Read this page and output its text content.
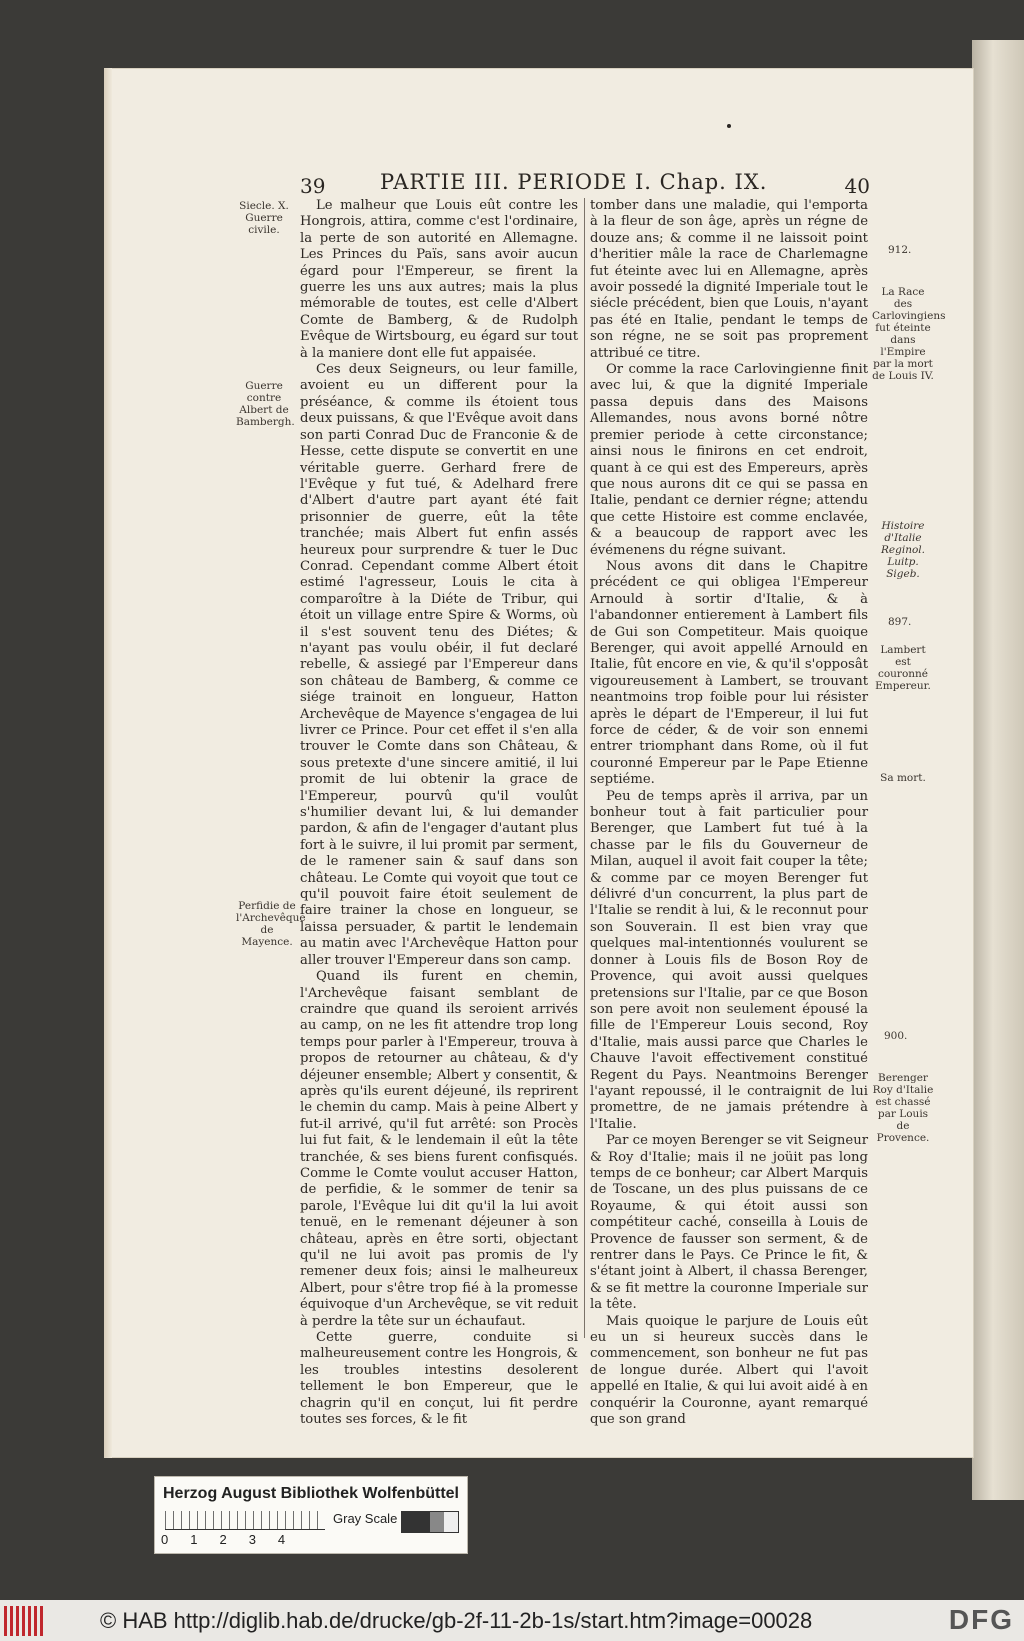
39	PARTIE III. PERIODE I. Chap. IX.	40
Siecle. X. Guerre civile.
Guerre contre Albert de Bambergh.
Perfidie de l'Archevêque de Mayence.
912.
La Race des Carlovingiens fut éteinte dans l'Empire par la mort de Louis IV.
Histoire d'Italie Reginol. Luitp. Sigeb.
897.
Lambert est couronné Empereur.
Sa mort.
900.
Berenger Roy d'Italie est chassé par Louis de Provence.

Le malheur que Louis eût contre les Hongrois, attira, comme c'est l'ordinaire, la perte de son autorité en Allemagne. Les Princes du Païs, sans avoir aucun égard pour l'Empereur, se firent la guerre les uns aux autres; mais la plus mémorable de toutes, est celle d'Albert Comte de Bamberg, & de Rudolph Evêque de Wirtsbourg, eu égard sur tout à la maniere dont elle fut appaisée.

Ces deux Seigneurs, ou leur famille, avoient eu un different pour la préséance, & comme ils étoient tous deux puissans, & que l'Evêque avoit dans son parti Conrad Duc de Franconie & de Hesse, cette dispute se convertit en une véritable guerre. Gerhard frere de l'Evêque y fut tué, & Adelhard frere d'Albert d'autre part ayant été fait prisonnier de guerre, eût la tête tranchée; mais Albert fut enfin assés heureux pour surprendre & tuer le Duc Conrad. Cependant comme Albert étoit estimé l'agresseur, Louis le cita à comparoître à la Diéte de Tribur, qui étoit un village entre Spire & Worms, où il s'est souvent tenu des Diétes; & n'ayant pas voulu obéir, il fut declaré rebelle, & assiegé par l'Empereur dans son château de Bamberg, & comme ce siége trainoit en longueur, Hatton Archevêque de Mayence s'engagea de lui livrer ce Prince. Pour cet effet il s'en alla trouver le Comte dans son Château, & sous pretexte d'une sincere amitié, il lui promit de lui obtenir la grace de l'Empereur, pourvû qu'il voulût s'humilier devant lui, & lui demander pardon, & afin de l'engager d'autant plus fort à le suivre, il lui promit par serment, de le ramener sain & sauf dans son château. Le Comte qui voyoit que tout ce qu'il pouvoit faire étoit seulement de faire trainer la chose en longueur, se laissa persuader, & partit le lendemain au matin avec l'Archevêque Hatton pour aller trouver l'Empereur dans son camp.

Quand ils furent en chemin, l'Archevêque faisant semblant de craindre que quand ils seroient arrivés au camp, on ne les fit attendre trop long temps pour parler à l'Empereur, trouva à propos de retourner au château, & d'y déjeuner ensemble; Albert y consentit, & après qu'ils eurent déjeuné, ils reprirent le chemin du camp. Mais à peine Albert y fut-il arrivé, qu'il fut arrêté: son Procès lui fut fait, & le lendemain il eût la tête tranchée, & ses biens furent confisqués. Comme le Comte voulut accuser Hatton, de perfidie, & le sommer de tenir sa parole, l'Evêque lui dit qu'il la lui avoit tenuë, en le remenant déjeuner à son château, après en être sorti, objectant qu'il ne lui avoit pas promis de l'y remener deux fois; ainsi le malheureux Albert, pour s'être trop fié à la promesse équivoque d'un Archevêque, se vit reduit à perdre la tête sur un échaufaut.

Cette guerre, conduite si malheureusement contre les Hongrois, & les troubles intestins desolerent tellement le bon Empereur, que le chagrin qu'il en conçut, lui fit perdre toutes ses forces, & le fit

tomber dans une maladie, qui l'emporta à la fleur de son âge, après un régne de douze ans; & comme il ne laissoit point d'heritier mâle la race de Charlemagne fut éteinte avec lui en Allemagne, après avoir possedé la dignité Imperiale tout le siécle précédent, bien que Louis, n'ayant pas été en Italie, pendant le temps de son régne, ne se soit pas proprement attribué ce titre.

Or comme la race Carlovingienne finit avec lui, & que la dignité Imperiale passa depuis dans des Maisons Allemandes, nous avons borné nôtre premier periode à cette circonstance; ainsi nous le finirons en cet endroit, quant à ce qui est des Empereurs, après que nous aurons dit ce qui se passa en Italie, pendant ce dernier régne; attendu que cette Histoire est comme enclavée, & a beaucoup de rapport avec les évémenens du régne suivant.

Nous avons dit dans le Chapitre précédent ce qui obligea l'Empereur Arnould à sortir d'Italie, & à l'abandonner entierement à Lambert fils de Gui son Competiteur. Mais quoique Berenger, qui avoit appellé Arnould en Italie, fût encore en vie, & qu'il s'opposât vigoureusement à Lambert, se trouvant neantmoins trop foible pour lui résister après le départ de l'Empereur, il lui fut force de céder, & de voir son ennemi entrer triomphant dans Rome, où il fut couronné Empereur par le Pape Etienne septiéme.

Peu de temps après il arriva, par un bonheur tout à fait particulier pour Berenger, que Lambert fut tué à la chasse par le fils du Gouverneur de Milan, auquel il avoit fait couper la tête; & comme par ce moyen Berenger fut délivré d'un concurrent, la plus part de l'Italie se rendit à lui, & le reconnut pour son Souverain. Il est bien vray que quelques mal-intentionnés voulurent se donner à Louis fils de Boson Roy de Provence, qui avoit aussi quelques pretensions sur l'Italie, par ce que Boson son pere avoit non seulement épousé la fille de l'Empereur Louis second, Roy d'Italie, mais aussi parce que Charles le Chauve l'avoit effectivement constitué Regent du Pays. Neantmoins Berenger l'ayant repoussé, il le contraignit de lui promettre, de ne jamais prétendre à l'Italie.

Par ce moyen Berenger se vit Seigneur & Roy d'Italie; mais il ne joüit pas long temps de ce bonheur; car Albert Marquis de Toscane, un des plus puissans de ce Royaume, & qui étoit aussi son compétiteur caché, conseilla à Louis de Provence de fausser son serment, & de rentrer dans le Pays. Ce Prince le fit, & s'étant joint à Albert, il chassa Berenger, & se fit mettre la couronne Imperiale sur la tête.

Mais quoique le parjure de Louis eût eu un si heureux succès dans le commencement, son bonheur ne fut pas de longue durée. Albert qui l'avoit appellé en Italie, & qui lui avoit aidé à en conquérir la Couronne, ayant remarqué que son grand

Herzog August Bibliothek Wolfenbüttel
01234
Gray Scale
© HAB http://diglib.hab.de/drucke/gb-2f-11-2b-1s/start.htm?image=00028	DFG
